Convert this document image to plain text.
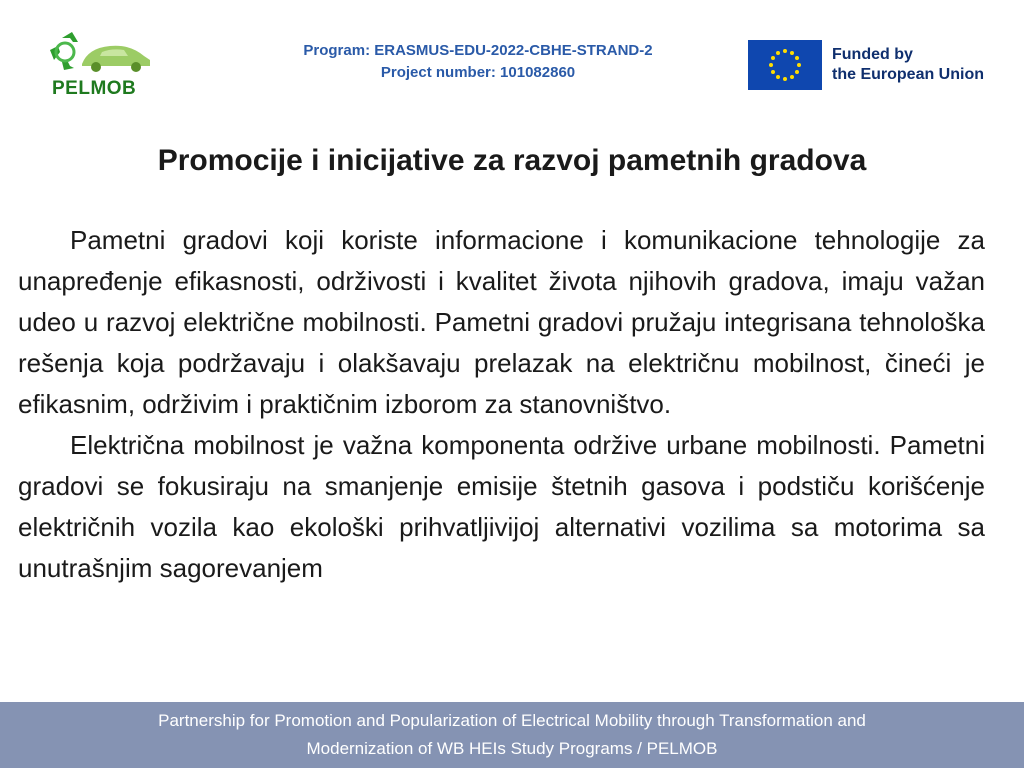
PELMOB
Program: ERASMUS-EDU-2022-CBHE-STRAND-2
Project number: 101082860
Funded by
the European Union
Promocije i inicijative za razvoj pametnih gradova

Pametni gradovi koji koriste informacione i komunikacione tehnologije za unapređenje efikasnosti, održivosti i kvalitet života njihovih gradova, imaju važan udeo u razvoj električne mobilnosti. Pametni gradovi pružaju integrisana tehnološka rešenja koja podržavaju i olakšavaju prelazak na električnu mobilnost, čineći je efikasnim, održivim i praktičnim izborom za stanovništvo.

Električna mobilnost je važna komponenta održive urbane mobilnosti. Pametni gradovi se fokusiraju na smanjenje emisije štetnih gasova i podstiču korišćenje električnih vozila kao ekološki prihvatljivijoj alternativi vozilima sa motorima sa unutrašnjim sagorevanjem

Partnership for Promotion and Popularization of Electrical Mobility through Transformation and
Modernization of WB HEIs Study Programs / PELMOB
